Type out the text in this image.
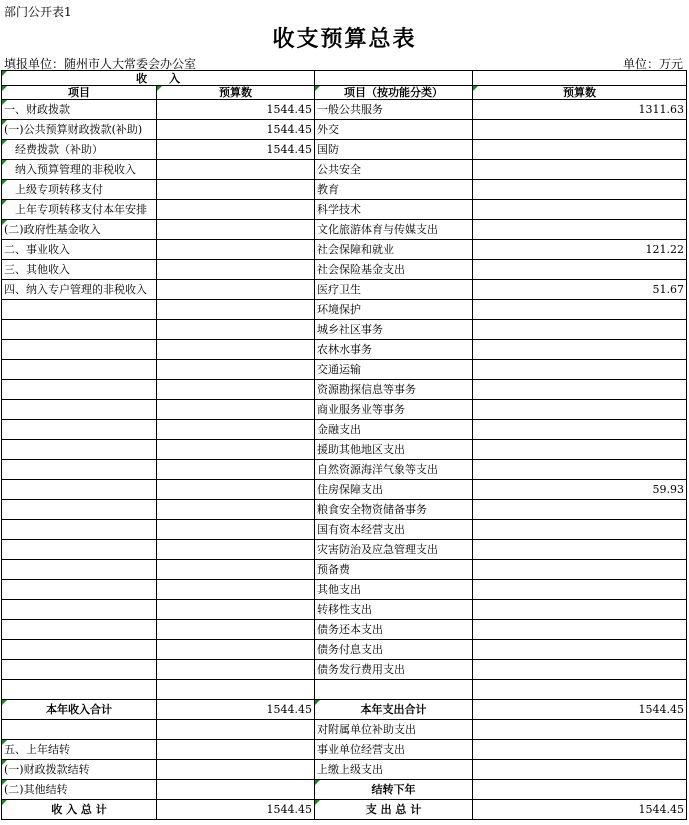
部门公开表1
收支预算总表
填报单位：随州市人大常委会办公室	单位：万元
收　　入			
项目	预算数	项目（按功能分类）	预算数
一、财政拨款	1544.45	一般公共服务	1311.63
(一)公共预算财政拨款(补助)	1544.45	外交	
　经费拨款（补助）	1544.45	国防	
　纳入预算管理的非税收入		公共安全	
　上级专项转移支付		教育	
　上年专项转移支付本年安排		科学技术	
(二)政府性基金收入		文化旅游体育与传媒支出	
二、事业收入		社会保障和就业	121.22
三、其他收入		社会保险基金支出	
四、纳入专户管理的非税收入		医疗卫生	51.67
		环境保护	
		城乡社区事务	
		农林水事务	
		交通运输	
		资源勘探信息等事务	
		商业服务业等事务	
		金融支出	
		援助其他地区支出	
		自然资源海洋气象等支出	
		住房保障支出	59.93
		粮食安全物资储备事务	
		国有资本经营支出	
		灾害防治及应急管理支出	
		预备费	
		其他支出	
		转移性支出	
		债务还本支出	
		债务付息支出	
		债务发行费用支出	

本年收入合计	1544.45	本年支出合计	1544.45
		对附属单位补助支出	
五、上年结转		事业单位经营支出	
(一)财政拨款结转		上缴上级支出	
(二)其他结转		结转下年	
收 入 总 计	1544.45	支 出 总 计	1544.45
